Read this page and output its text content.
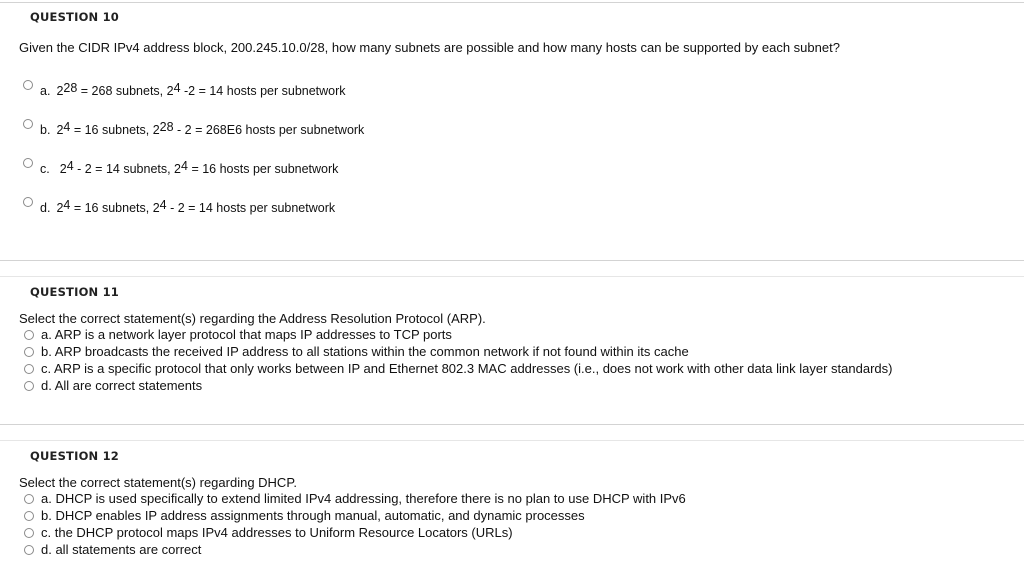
QUESTION 10
Given the CIDR IPv4 address block, 200.245.10.0/28, how many subnets are possible and how many hosts can be supported by each subnet?
a. $2^{28} = 268$ subnets, $2^4$ -2 = 14 hosts per subnetwork
b. $2^4 = 16$ subnets, $2^{28} - 2 = 268E6$ hosts per subnetwork
c. $2^4 - 2 = 14$ subnets, $2^4 = 16$ hosts per subnetwork
d. $2^4 = 16$ subnets, $2^4 - 2 = 14$ hosts per subnetwork
QUESTION 11
Select the correct statement(s) regarding the Address Resolution Protocol (ARP).
a. ARP is a network layer protocol that maps IP addresses to TCP ports
b. ARP broadcasts the received IP address to all stations within the common network if not found within its cache
c. ARP is a specific protocol that only works between IP and Ethernet 802.3 MAC addresses (i.e., does not work with other data link layer standards)
d. All are correct statements
QUESTION 12
Select the correct statement(s) regarding DHCP.
a. DHCP is used specifically to extend limited IPv4 addressing, therefore there is no plan to use DHCP with IPv6
b. DHCP enables IP address assignments through manual, automatic, and dynamic processes
c. the DHCP protocol maps IPv4 addresses to Uniform Resource Locators (URLs)
d. all statements are correct
